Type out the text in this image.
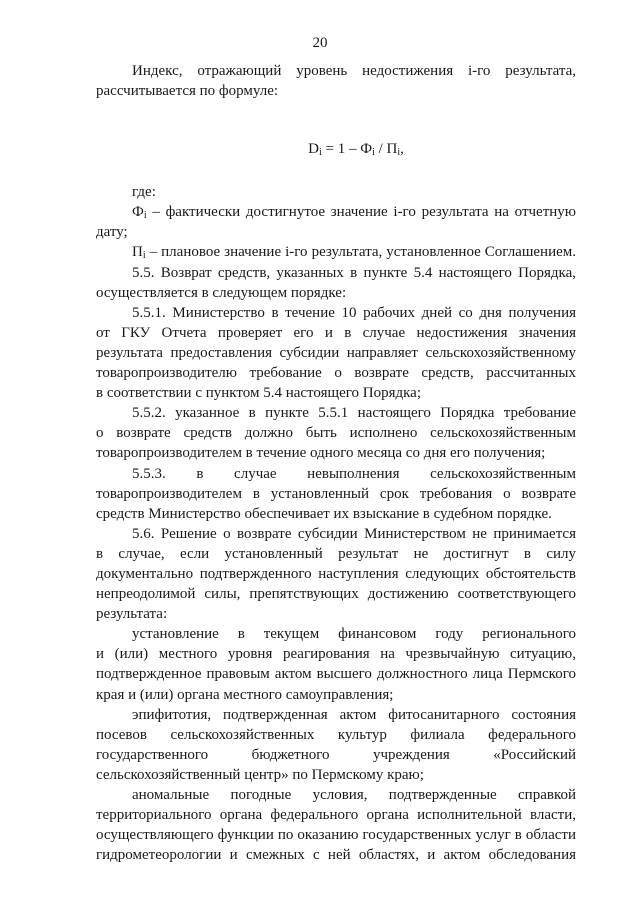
20
Индекс, отражающий уровень недостижения i-го результата,
рассчитывается по формуле:
$D_i = 1 - Ф_i / П_i$,
где:
$Ф_i$ – фактически достигнутое значение i-го результата на отчетную
дату;
$П_i$ – плановое значение i-го результата, установленное Соглашением.
5.5. Возврат средств, указанных в пункте 5.4 настоящего Порядка,
осуществляется в следующем порядке:
5.5.1. Министерство в течение 10 рабочих дней со дня получения
от ГКУ Отчета проверяет его и в случае недостижения значения
результата предоставления субсидии направляет сельскохозяйственному
товаропроизводителю требование о возврате средств, рассчитанных
в соответствии с пунктом 5.4 настоящего Порядка;
5.5.2. указанное в пункте 5.5.1 настоящего Порядка требование
о возврате средств должно быть исполнено сельскохозяйственным
товаропроизводителем в течение одного месяца со дня его получения;
5.5.3. в случае невыполнения сельскохозяйственным
товаропроизводителем в установленный срок требования о возврате
средств Министерство обеспечивает их взыскание в судебном порядке.
5.6. Решение о возврате субсидии Министерством не принимается
в случае, если установленный результат не достигнут в силу
документально подтвержденного наступления следующих обстоятельств
непреодолимой силы, препятствующих достижению соответствующего
результата:
установление в текущем финансовом году регионального
и (или) местного уровня реагирования на чрезвычайную ситуацию,
подтвержденное правовым актом высшего должностного лица Пермского
края и (или) органа местного самоуправления;
эпифитотия, подтвержденная актом фитосанитарного состояния
посевов сельскохозяйственных культур филиала федерального
государственного бюджетного учреждения «Российский
сельскохозяйственный центр» по Пермскому краю;
аномальные погодные условия, подтвержденные справкой
территориального органа федерального органа исполнительной власти,
осуществляющего функции по оказанию государственных услуг в области
гидрометеорологии и смежных с ней областях, и актом обследования
